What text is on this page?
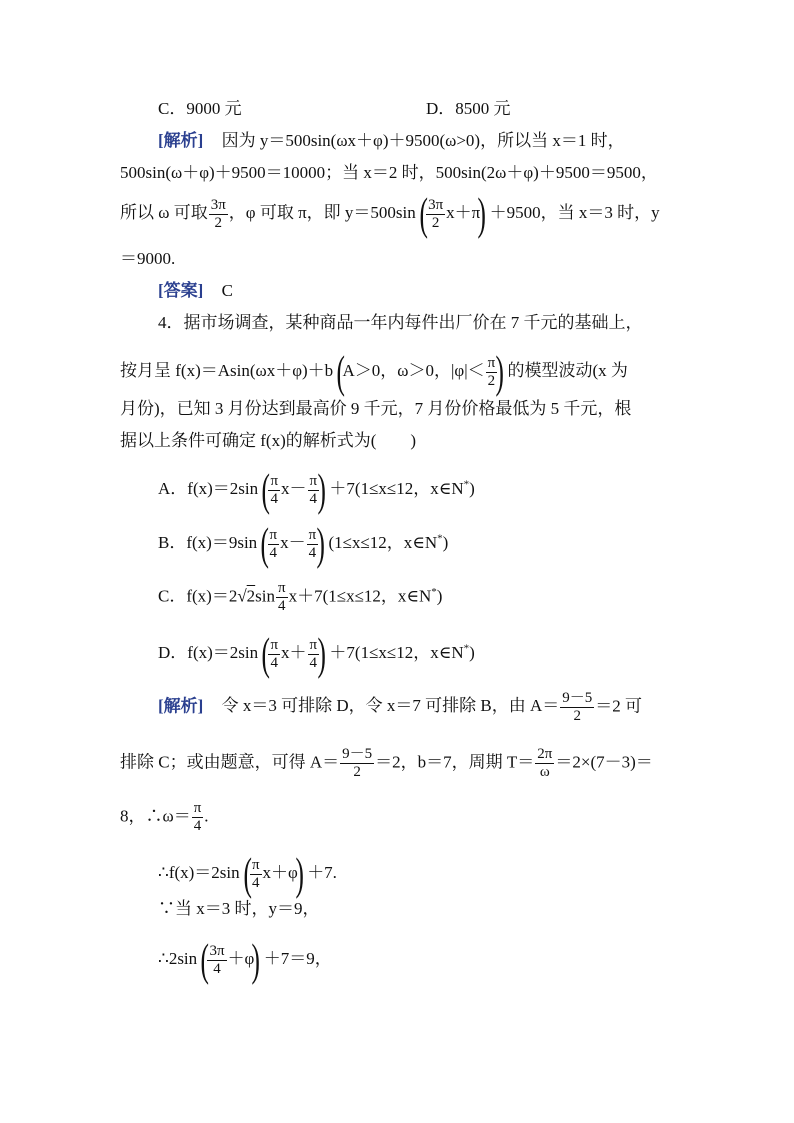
C．9000 元	D．8500 元
[解析] 因为 y＝500sin(ωx＋φ)＋9500(ω>0)，所以当 x＝1 时，
500sin(ω＋φ)＋9500＝10000；当 x＝2 时，500sin(2ω＋φ)＋9500＝9500，
所以 ω 可取 $\frac{3\pi}{2}$ ，φ 可取 π，即 y＝500sin(
$\frac{3\pi}{2} x+\pi) +9500$，当 x＝3 时，y
＝9000.
[答案] C
4．据市场调查，某种商品一年内每件出厂价在 7 千元的基础上，
按月呈 f(x)＝Asin(ωx＋φ)＋b(A＞0，ω＞0，$|\varphi|< \frac{\pi}{2}$
) 的模型波动(x 为
月份)，已知 3 月份达到最高价 9 千元，7 月份价格最低为 5 千元，根
据以上条件可确定 f(x)的解析式为(　　)
A．f(x)＝2sin(
$\frac{\pi}{4} x- \frac{\pi}{4}$
) ＋7(1≤x≤12，x∈N*)
B．f(x)＝9sin(
$\frac{\pi}{4} x- \frac{\pi}{4}$
) (1≤x≤12，x∈N*)
C．$f(x)=2√2\sin \frac{\pi}{4} x+7(1\le x\le 12$，x∈N*)
D．f(x)＝2sin(
$\frac{\pi}{4} x+ \frac{\pi}{4}$
) ＋7(1≤x≤12，x∈N*)
[解析] 令 x＝3 可排除 D，令 x＝7 可排除 B，由 $A= \frac{9-5}{2} =2$ 可
排除 C；或由题意，可得 $A= \frac{9-5}{2} =2$，b＝7，周期 $T= \frac{2\pi}{\omega} =2\times(7-3)=$
8，∴ω＝ $\frac{\pi}{4}$ .
∴f(x)＝2sin(
$\frac{\pi}{4} x+\varphi) +7$.
∵当 x＝3 时，y＝9，
∴2sin(
$\frac{3\pi}{4} +\varphi) +7=9$，
